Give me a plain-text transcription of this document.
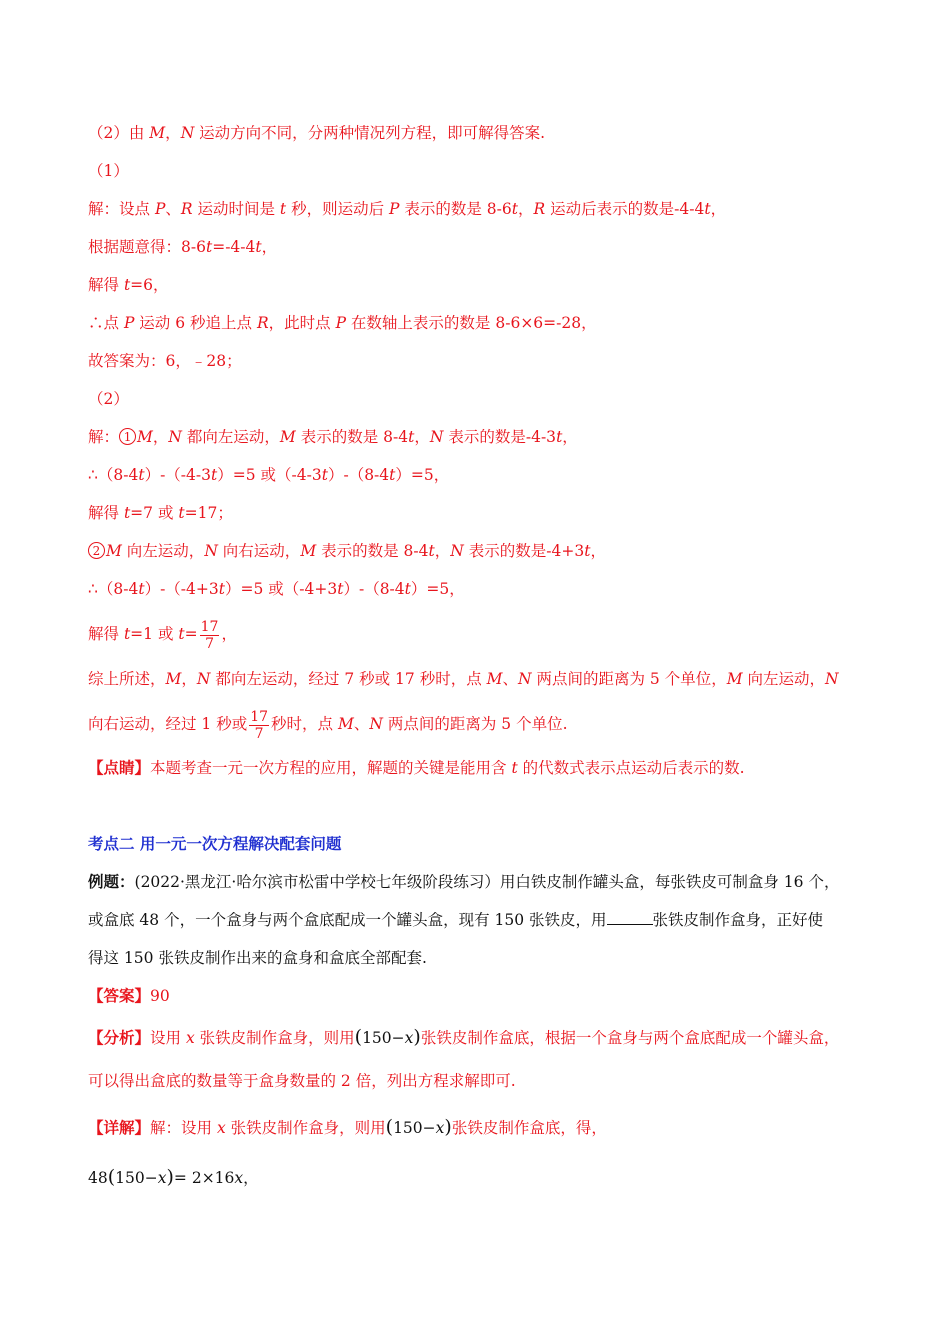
（2）由 M，N 运动方向不同，分两种情况列方程，即可解得答案.
（1）
解：设点 P、R 运动时间是 t 秒，则运动后 P 表示的数是 8-6t，R 运动后表示的数是-4-4t，
根据题意得：8-6t=-4-4t，
解得 t=6，
∴点 P 运动 6 秒追上点 R，此时点 P 在数轴上表示的数是 8-6×6=-28，
故答案为：6，﹣28；
（2）
解： 1 M，N 都向左运动，M 表示的数是 8-4t，N 表示的数是-4-3t，
∴（8-4t）-（-4-3t）=5 或（-4-3t）-（8-4t）=5，
解得 t=7 或 t=17；
2 M 向左运动，N 向右运动，M 表示的数是 8-4t，N 表示的数是-4+3t，
∴（8-4t）-（-4+3t）=5 或（-4+3t）-（8-4t）=5，
解得 t=1 或 $t= \frac{17}{7}$ ，
综上所述，M，N 都向左运动，经过 7 秒或 17 秒时，点 M、N 两点间的距离为 5 个单位，M 向左运动，N
向右运动，经过 1 秒或 $\frac{17}{7}$ 秒时，点 M、N 两点间的距离为 5 个单位.
【点睛】本题考查一元一次方程的应用，解题的关键是能用含 t 的代数式表示点运动后表示的数.
考点二 用一元一次方程解决配套问题
例题：(2022·黑龙江·哈尔滨市松雷中学校七年级阶段练习）用白铁皮制作罐头盒，每张铁皮可制盒身 16 个，
或盒底 48 个，一个盒身与两个盒底配成一个罐头盒，现有 150 张铁皮，用	张铁皮制作盒身，正好使
得这 150 张铁皮制作出来的盒身和盒底全部配套.
【答案】90
【分析】设用 x 张铁皮制作盒身，则用(150−x)张铁皮制作盒底，根据一个盒身与两个盒底配成一个罐头盒，
可以得出盒底的数量等于盒身数量的 2 倍，列出方程求解即可.
【详解】解：设用 x 张铁皮制作盒身，则用(150−x)张铁皮制作盒底，得，
48(150−x)= 2×16x，
